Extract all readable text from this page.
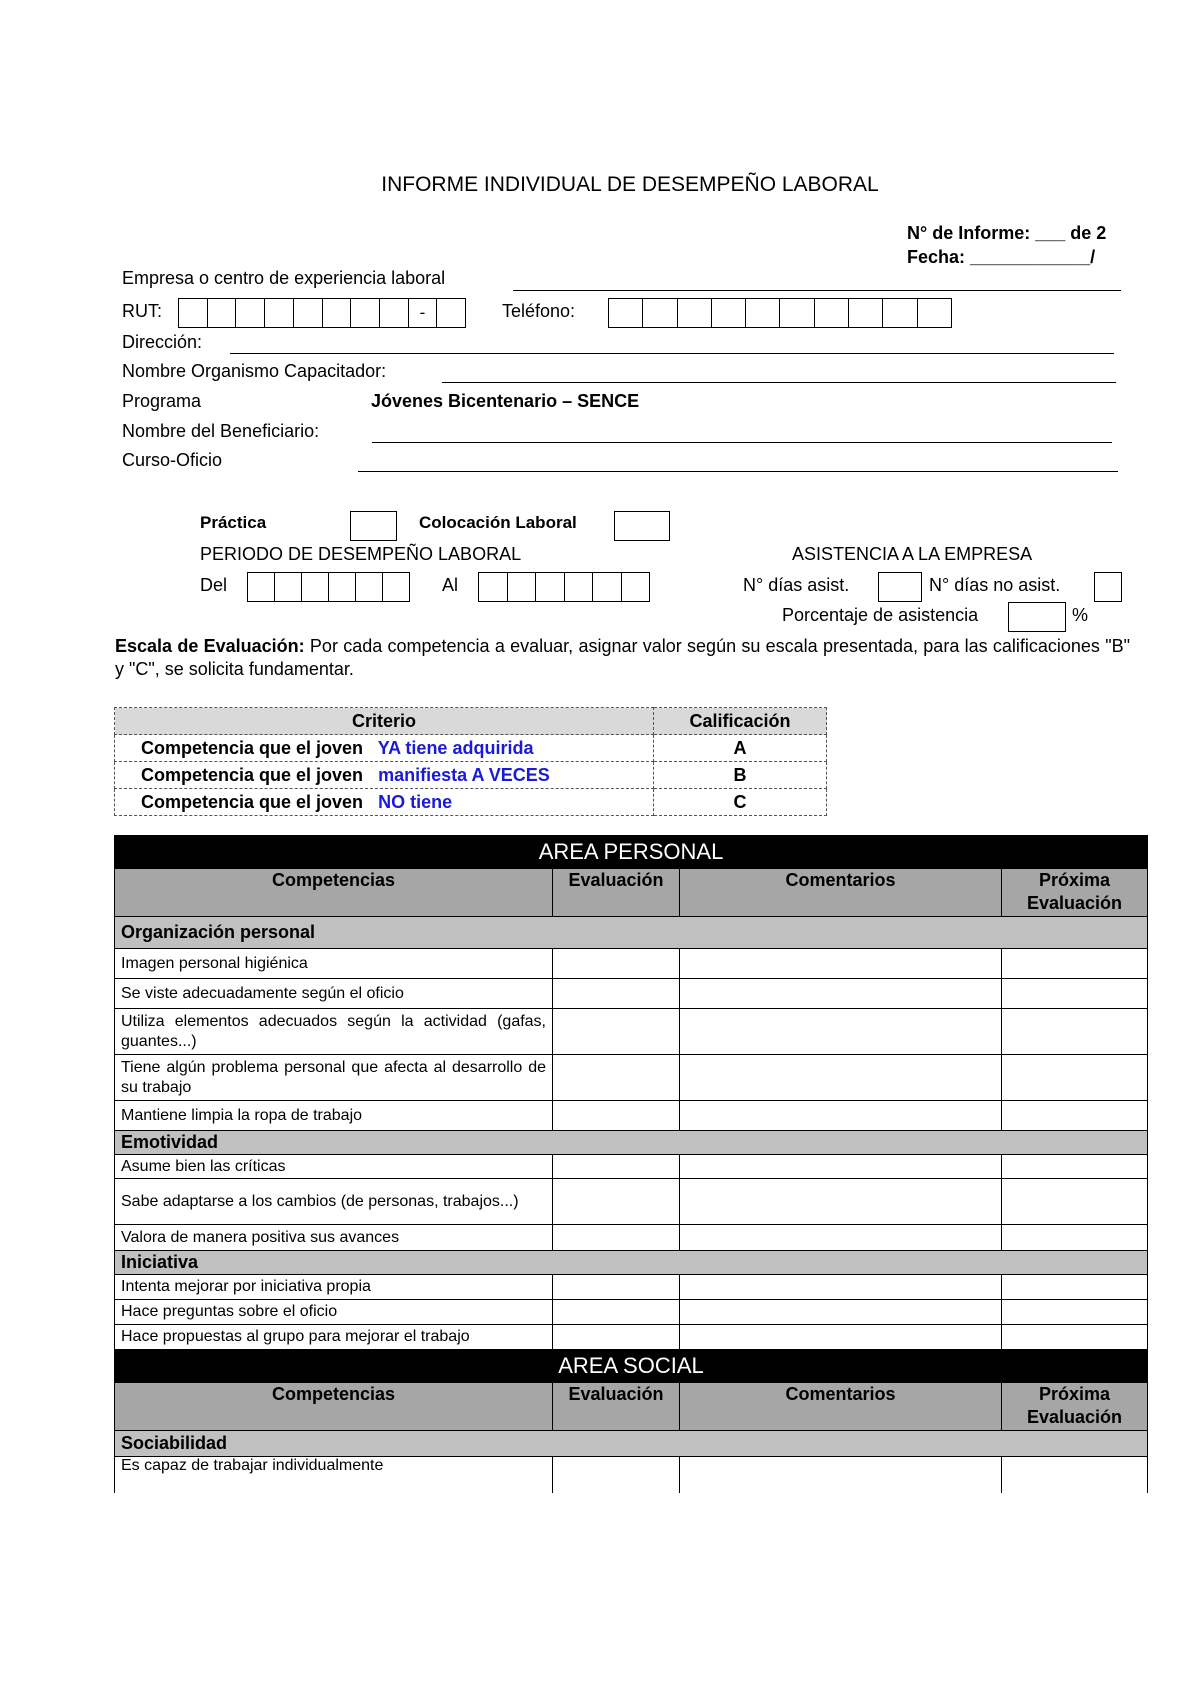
INFORME INDIVIDUAL DE DESEMPEÑO LABORAL
N° de Informe: ___ de 2
Fecha: ____________/
Empresa o centro de experiencia laboral
RUT:	-	Teléfono:
Dirección:
Nombre Organismo Capacitador:
Programa	Jóvenes Bicentenario – SENCE
Nombre del Beneficiario:
Curso-Oficio
Práctica	Colocación Laboral
PERIODO DE DESEMPEÑO LABORAL
Del	Al
ASISTENCIA A LA EMPRESA
N° días asist.	N° días no asist.
Porcentaje de asistencia	%
Escala de Evaluación: Por cada competencia a evaluar, asignar valor según su escala presentada, para las calificaciones "B" y "C", se solicita fundamentar.
Criterio	Calificación
Competencia que el joven YA tiene adquirida	A
Competencia que el joven manifiesta A VECES	B
Competencia que el joven NO tiene	C
AREA PERSONAL			
Competencias	Evaluación	Comentarios	Próxima Evaluación
Organización personal			
Imagen personal higiénica			
Se viste adecuadamente según el oficio			
Utiliza elementos adecuados según la actividad (gafas, guantes...)			
Tiene algún problema personal que afecta al desarrollo de su trabajo			
Mantiene limpia la ropa de trabajo			
Emotividad			
Asume bien las críticas			
Sabe adaptarse a los cambios (de personas, trabajos...)			
Valora de manera positiva sus avances			
Iniciativa			
Intenta mejorar por iniciativa propia			
Hace preguntas sobre el oficio			
Hace propuestas al grupo para mejorar el trabajo			
AREA SOCIAL			
Competencias	Evaluación	Comentarios	Próxima Evaluación
Sociabilidad			
Es capaz de trabajar individualmente			
